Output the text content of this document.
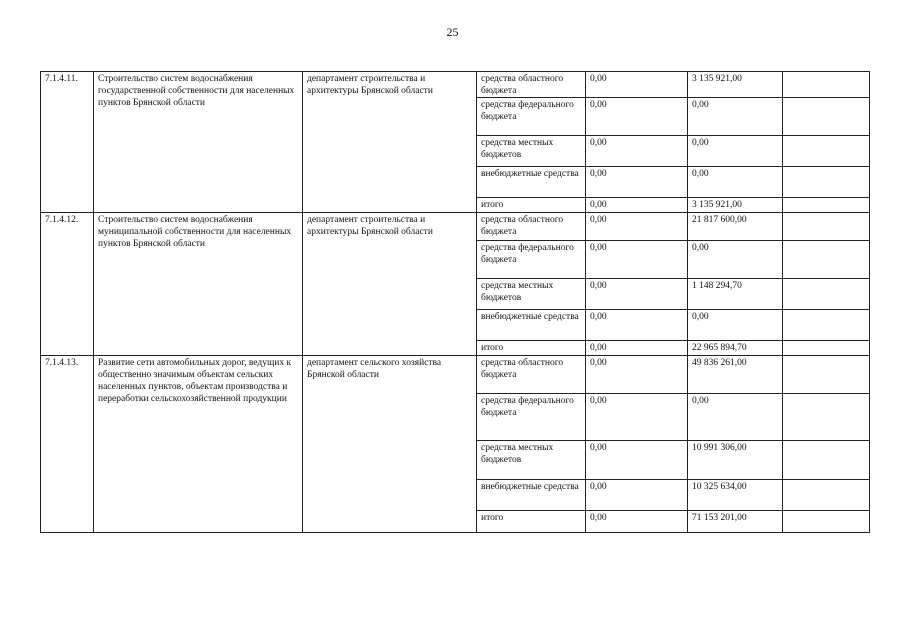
25
7.1.4.11.	Строительство систем водоснабжения государственной собственности для населенных пунктов Брянской области	департамент строительства и архитектуры Брянской области	средства областного бюджета	0,00	3 135 921,00	
			средства федерального бюджета	0,00	0,00	
			средства местных бюджетов	0,00	0,00	
			внебюджетные средства	0,00	0,00	
			итого	0,00	3 135 921,00	
7.1.4.12.	Строительство систем водоснабжения муниципальной собственности для населенных пунктов Брянской области	департамент строительства и архитектуры Брянской области	средства областного бюджета	0,00	21 817 600,00	
			средства федерального бюджета	0,00	0,00	
			средства местных бюджетов	0,00	1 148 294,70	
			внебюджетные средства	0,00	0,00	
			итого	0,00	22 965 894,70	
7.1.4.13.	Развитие сети автомобильных дорог, ведущих к общественно значимым объектам сельских населенных пунктов, объектам производства и переработки сельскохозяйственной продукции	департамент сельского хозяйства Брянской области	средства областного бюджета	0,00	49 836 261,00	
			средства федерального бюджета	0,00	0,00	
			средства местных бюджетов	0,00	10 991 306,00	
			внебюджетные средства	0,00	10 325 634,00	
			итого	0,00	71 153 201,00	
